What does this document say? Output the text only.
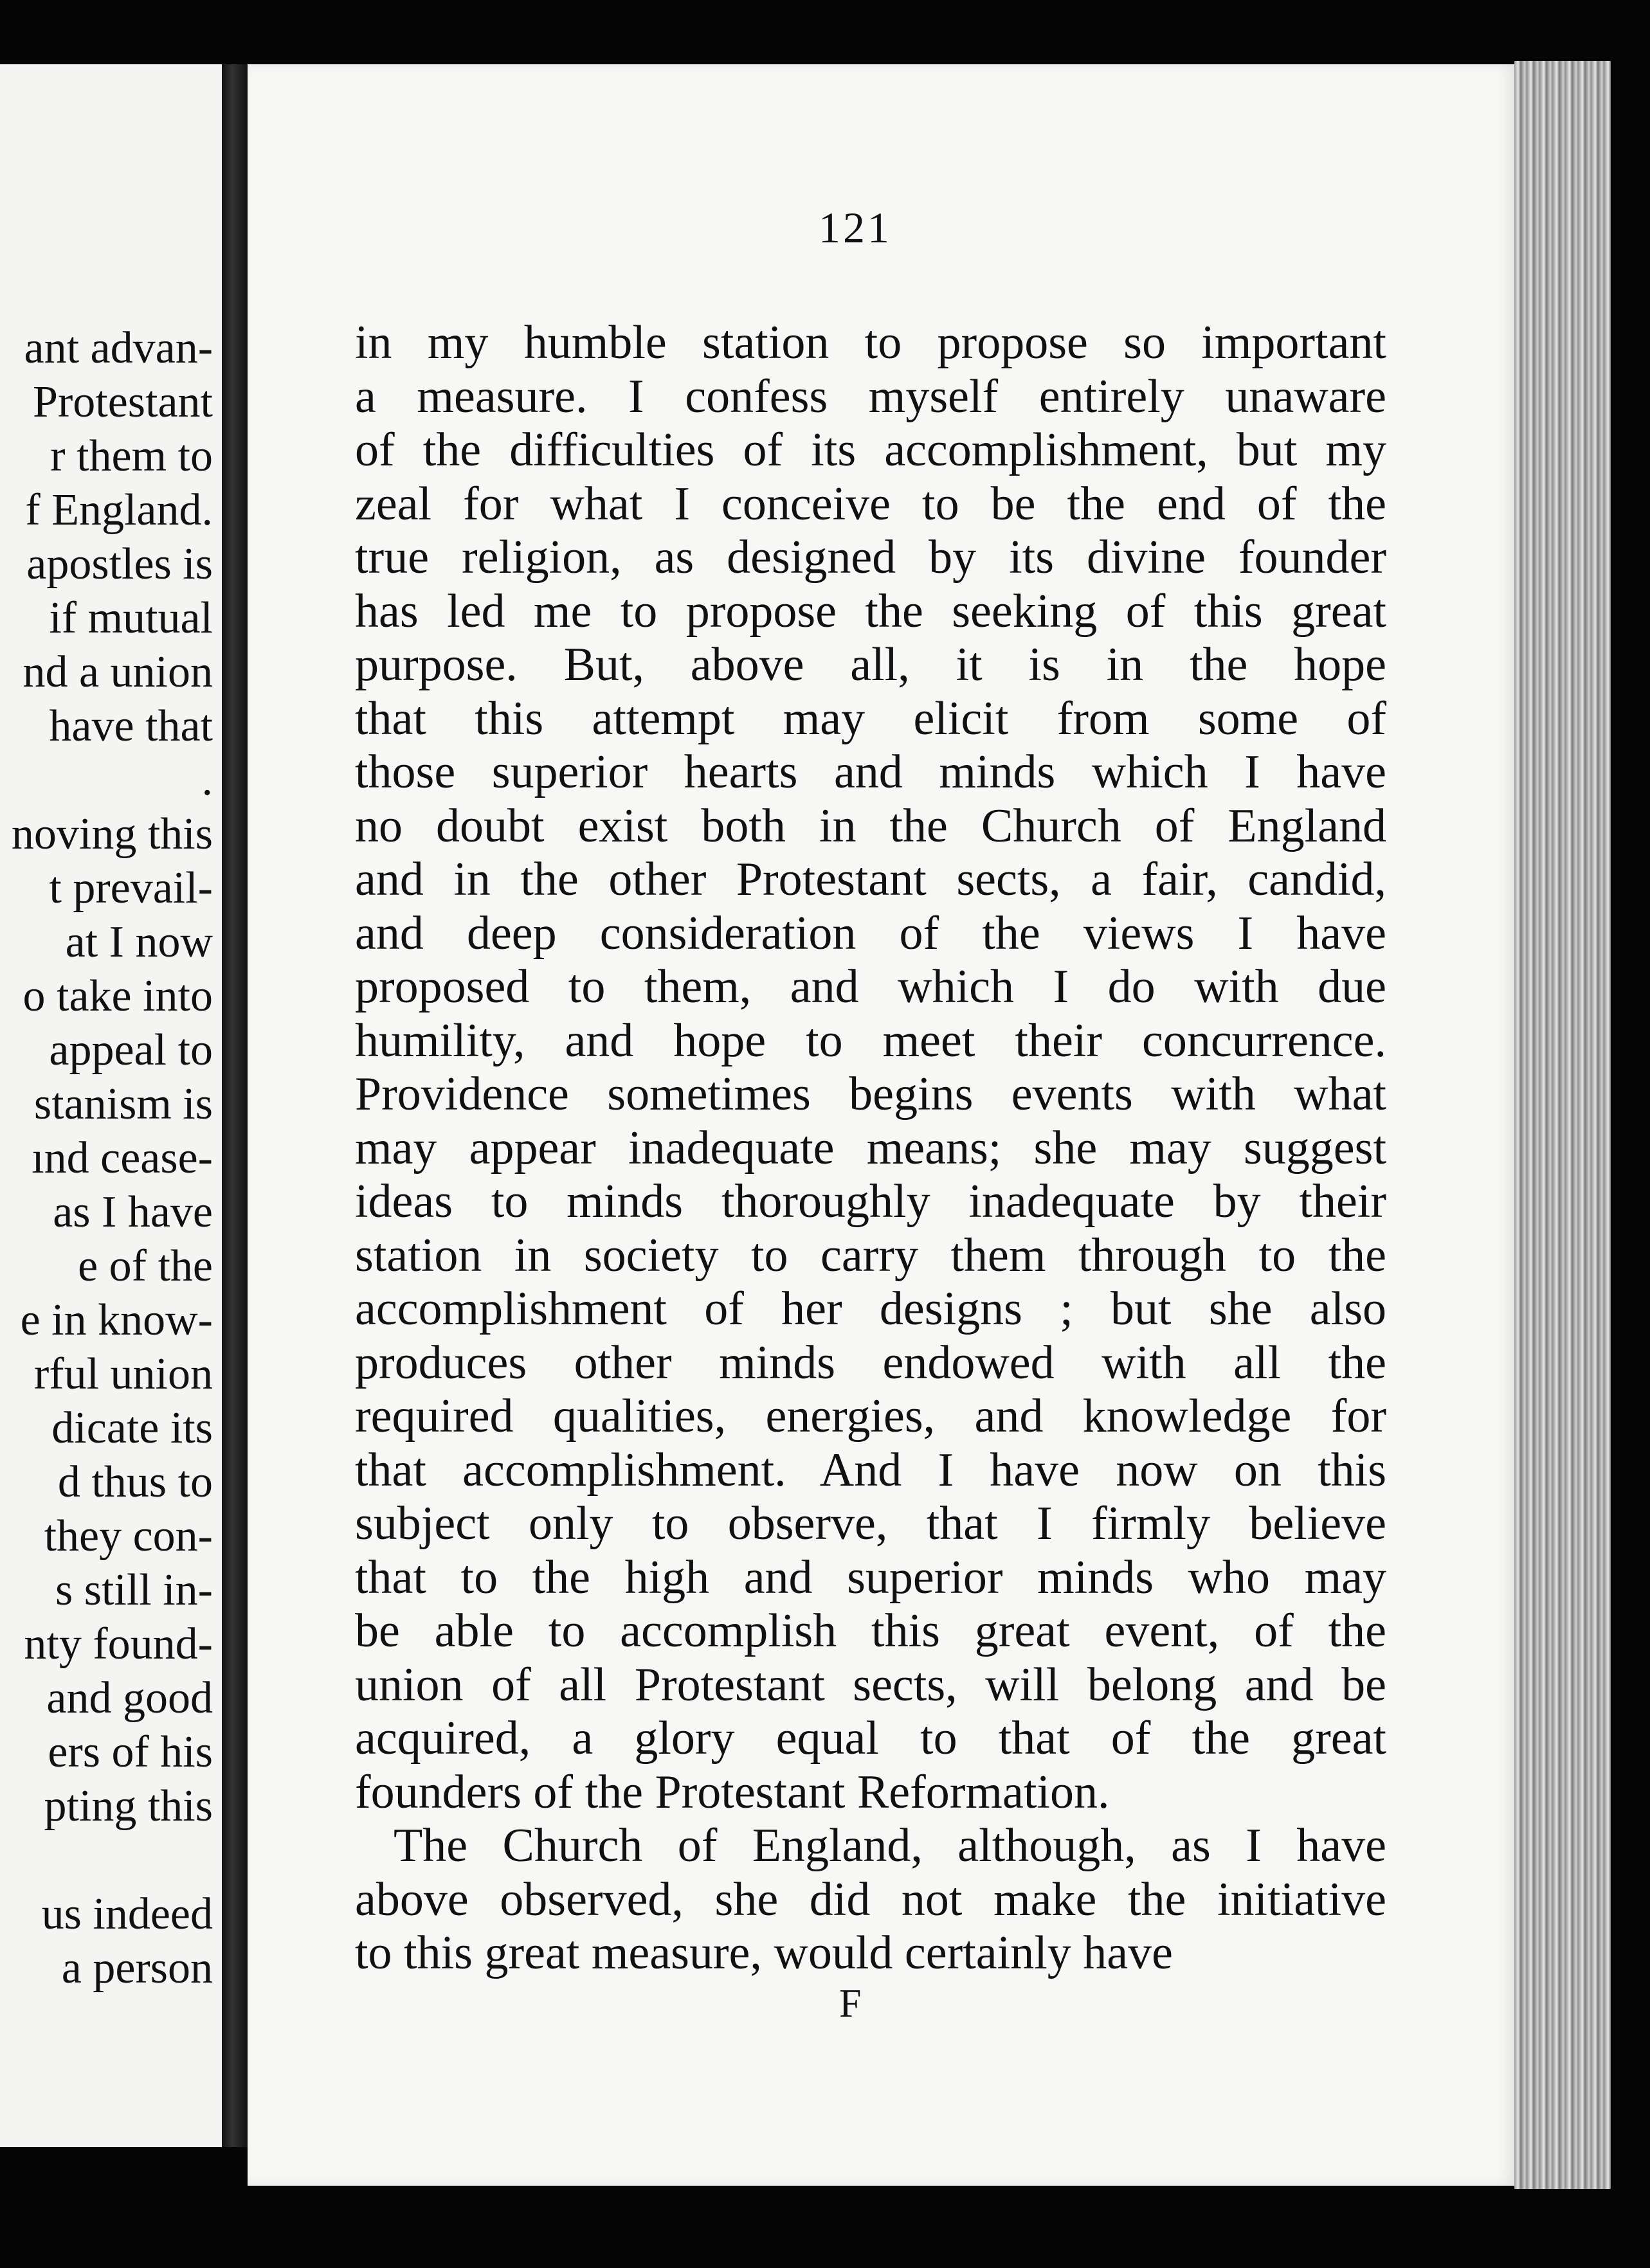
ant advan-
Protestant
r them to
f England.
apostles is
if mutual
nd a union
have that
.
noving this
t prevail-
at I now
o take into
appeal to
stanism is
ınd cease-
as I have
e of the
e in know-
rful union
dicate its
d thus to
they con-
s still in-
nty found-
and good
ers of his
pting this
us indeed
a person
121
in my humble station to propose so important
a measure. I confess myself entirely unaware
of the difficulties of its accomplishment, but my
zeal for what I conceive to be the end of the
true religion, as designed by its divine founder
has led me to propose the seeking of this great
purpose. But, above all, it is in the hope
that this attempt may elicit from some of
those superior hearts and minds which I have
no doubt exist both in the Church of England
and in the other Protestant sects, a fair, candid,
and deep consideration of the views I have
proposed to them, and which I do with due
humility, and hope to meet their concurrence.
Providence sometimes begins events with what
may appear inadequate means; she may suggest
ideas to minds thoroughly inadequate by their
station in society to carry them through to the
accomplishment of her designs ; but she also
produces other minds endowed with all the
required qualities, energies, and knowledge for
that accomplishment. And I have now on this
subject only to observe, that I firmly believe
that to the high and superior minds who may
be able to accomplish this great event, of the
union of all Protestant sects, will belong and be
acquired, a glory equal to that of the great
founders of the Protestant Reformation.
The Church of England, although, as I have
above observed, she did not make the initiative
to this great measure, would certainly have
F
